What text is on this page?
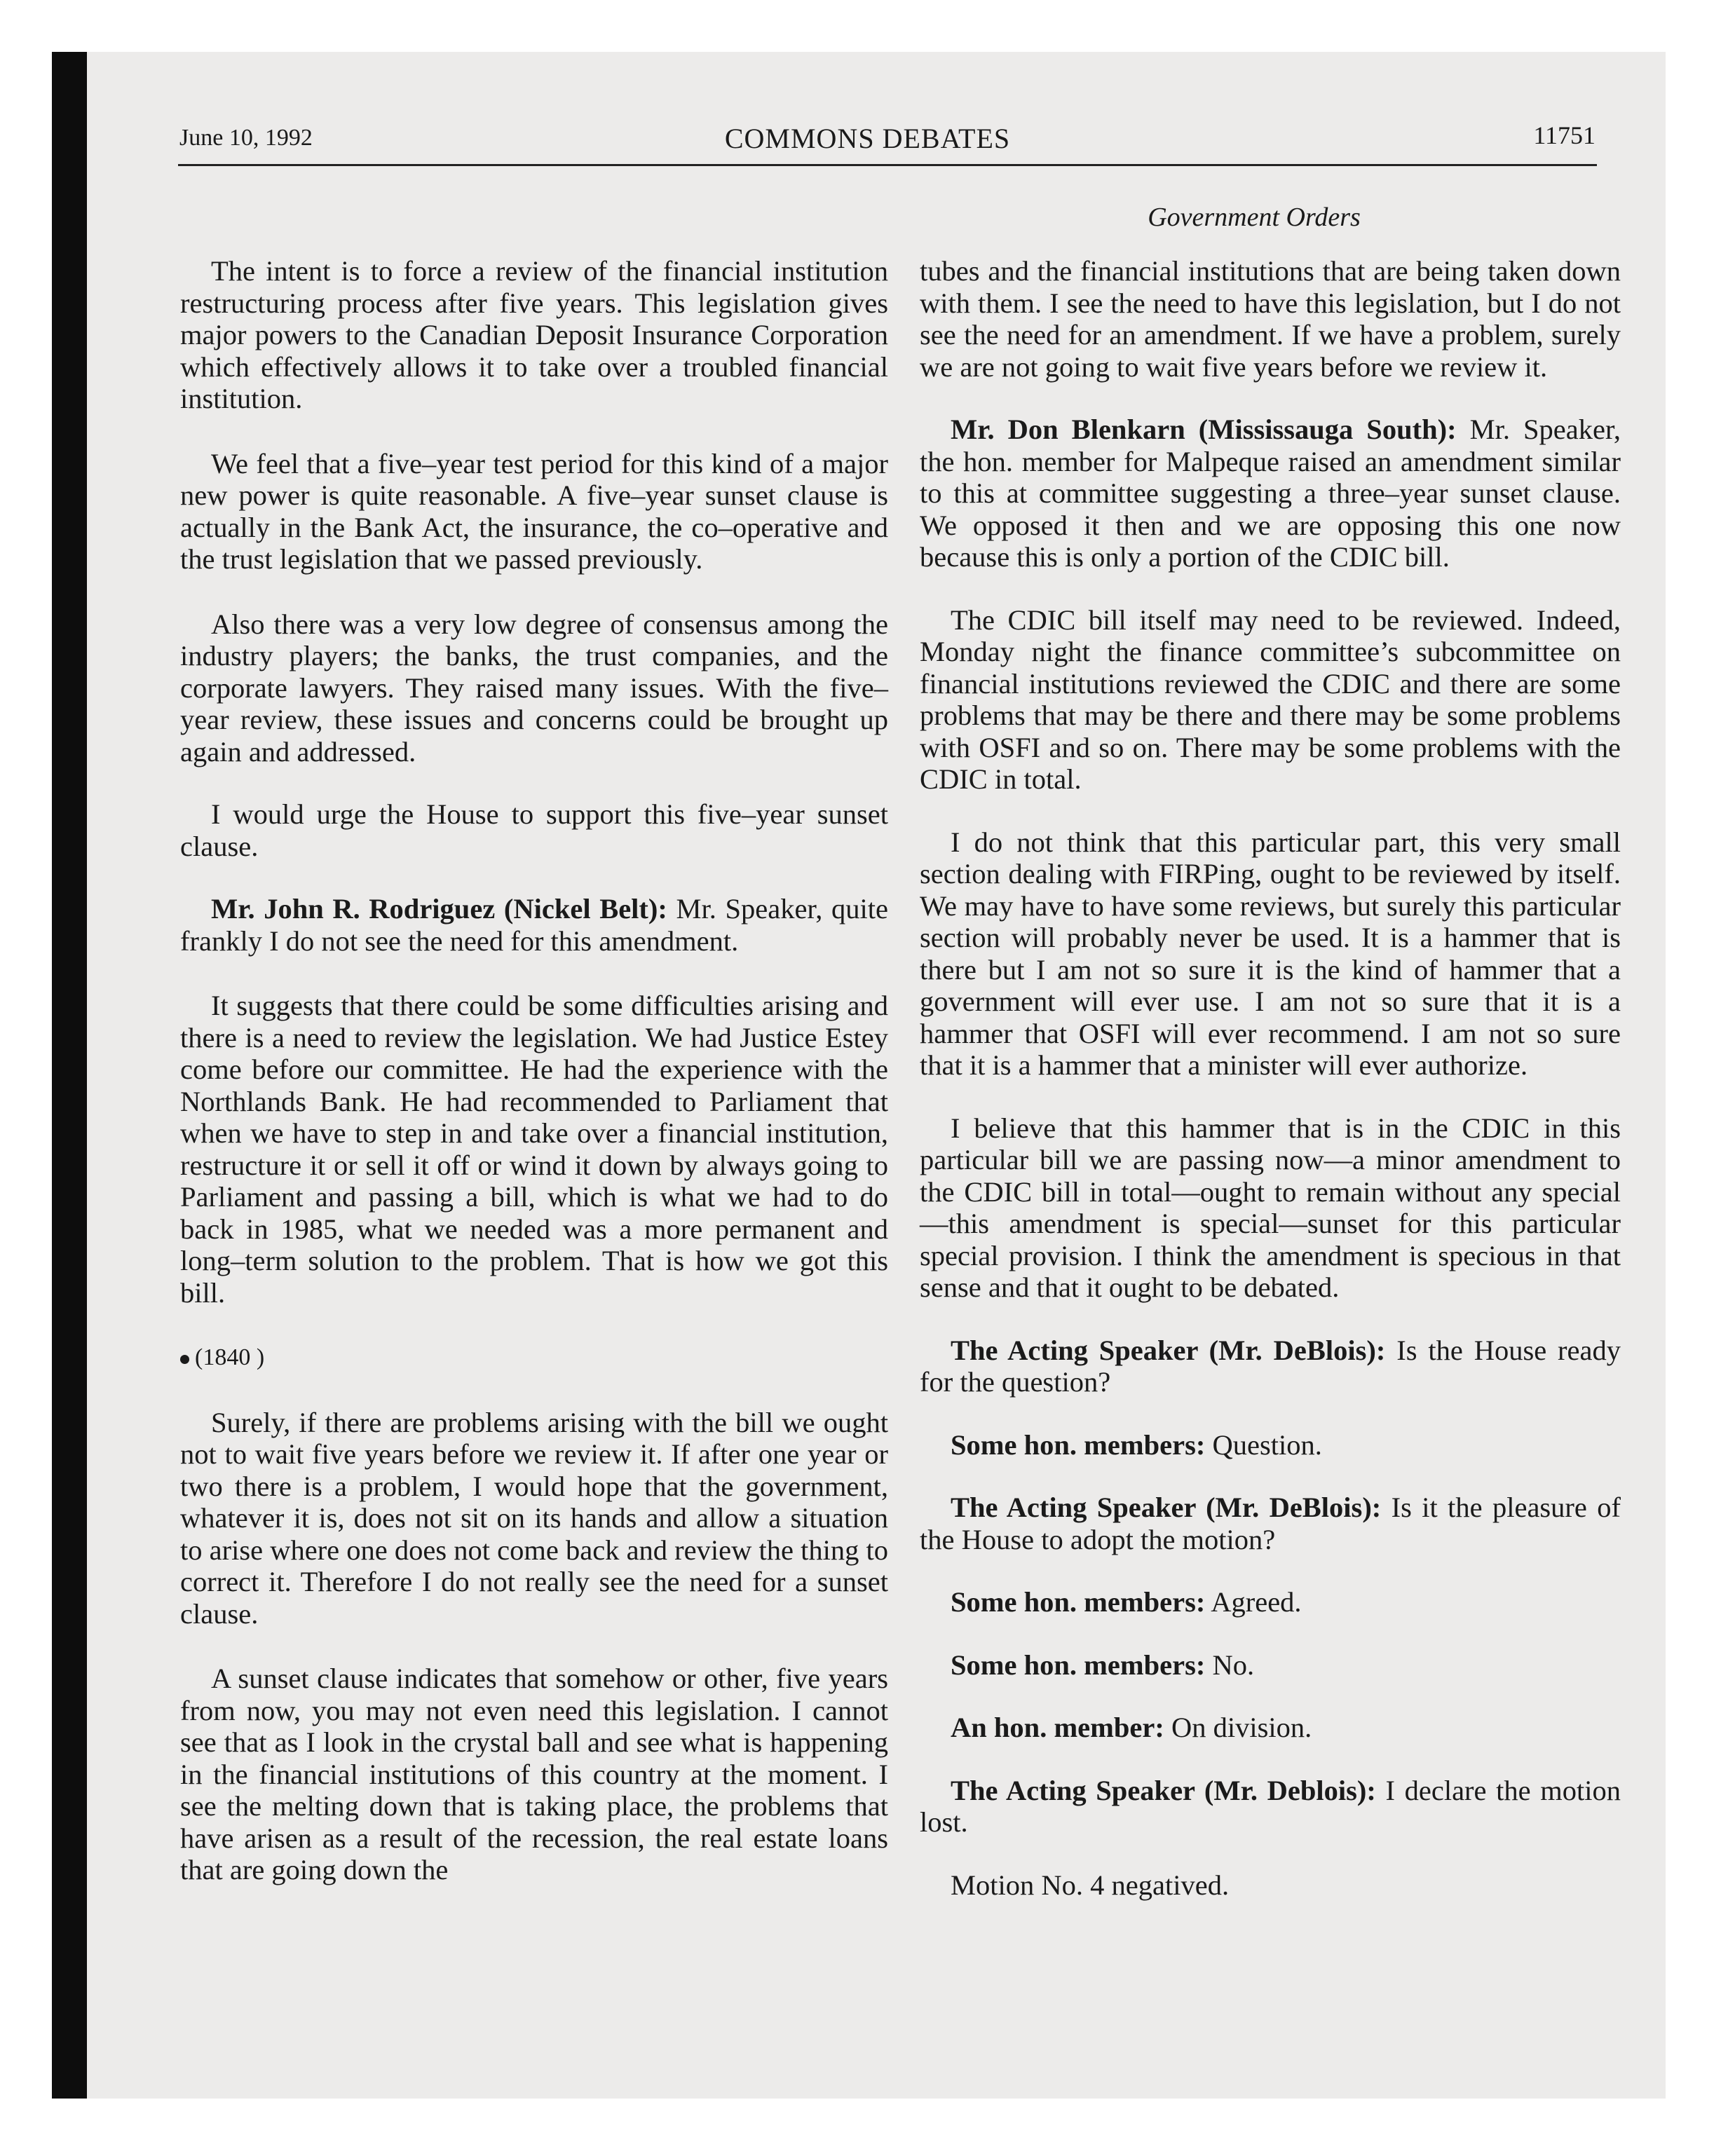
June 10, 1992	COMMONS DEBATES	11751
Government Orders

The intent is to force a review of the financial institution restructuring process after five years. This legislation gives major powers to the Canadian Deposit Insurance Corporation which effectively allows it to take over a troubled financial institution.

We feel that a five–year test period for this kind of a major new power is quite reasonable. A five–year sunset clause is actually in the Bank Act, the insurance, the co–operative and the trust legislation that we passed previously.

Also there was a very low degree of consensus among the industry players; the banks, the trust companies, and the corporate lawyers. They raised many issues. With the five–year review, these issues and concerns could be brought up again and addressed.

I would urge the House to support this five–year sunset clause.

Mr. John R. Rodriguez (Nickel Belt): Mr. Speaker, quite frankly I do not see the need for this amendment.

It suggests that there could be some difficulties arising and there is a need to review the legislation. We had Justice Estey come before our committee. He had the experience with the Northlands Bank. He had recommended to Parliament that when we have to step in and take over a financial institution, restructure it or sell it off or wind it down by always going to Parliament and passing a bill, which is what we had to do back in 1985, what we needed was a more permanent and long–term solution to the problem. That is how we got this bill.

(1840 )

Surely, if there are problems arising with the bill we ought not to wait five years before we review it. If after one year or two there is a problem, I would hope that the government, whatever it is, does not sit on its hands and allow a situation to arise where one does not come back and review the thing to correct it. Therefore I do not really see the need for a sunset clause.

A sunset clause indicates that somehow or other, five years from now, you may not even need this legislation. I cannot see that as I look in the crystal ball and see what is happening in the financial institutions of this country at the moment. I see the melting down that is taking place, the problems that have arisen as a result of the recession, the real estate loans that are going down the

tubes and the financial institutions that are being taken down with them. I see the need to have this legislation, but I do not see the need for an amendment. If we have a problem, surely we are not going to wait five years before we review it.

Mr. Don Blenkarn (Mississauga South): Mr. Speaker, the hon. member for Malpeque raised an amendment similar to this at committee suggesting a three–year sunset clause. We opposed it then and we are opposing this one now because this is only a portion of the CDIC bill.

The CDIC bill itself may need to be reviewed. Indeed, Monday night the finance committee’s subcommittee on financial institutions reviewed the CDIC and there are some problems that may be there and there may be some problems with OSFI and so on. There may be some problems with the CDIC in total.

I do not think that this particular part, this very small section dealing with FIRPing, ought to be reviewed by itself. We may have to have some reviews, but surely this particular section will probably never be used. It is a hammer that is there but I am not so sure it is the kind of hammer that a government will ever use. I am not so sure that it is a hammer that OSFI will ever recommend. I am not so sure that it is a hammer that a minister will ever authorize.

I believe that this hammer that is in the CDIC in this particular bill we are passing now—a minor amendment to the CDIC bill in total—ought to remain without any special—this amendment is special—sunset for this particular special provision. I think the amendment is specious in that sense and that it ought to be debated.

The Acting Speaker (Mr. DeBlois): Is the House ready for the question?

Some hon. members: Question.

The Acting Speaker (Mr. DeBlois): Is it the pleasure of the House to adopt the motion?

Some hon. members: Agreed.

Some hon. members: No.

An hon. member: On division.

The Acting Speaker (Mr. Deblois): I declare the motion lost.

Motion No. 4 negatived.
